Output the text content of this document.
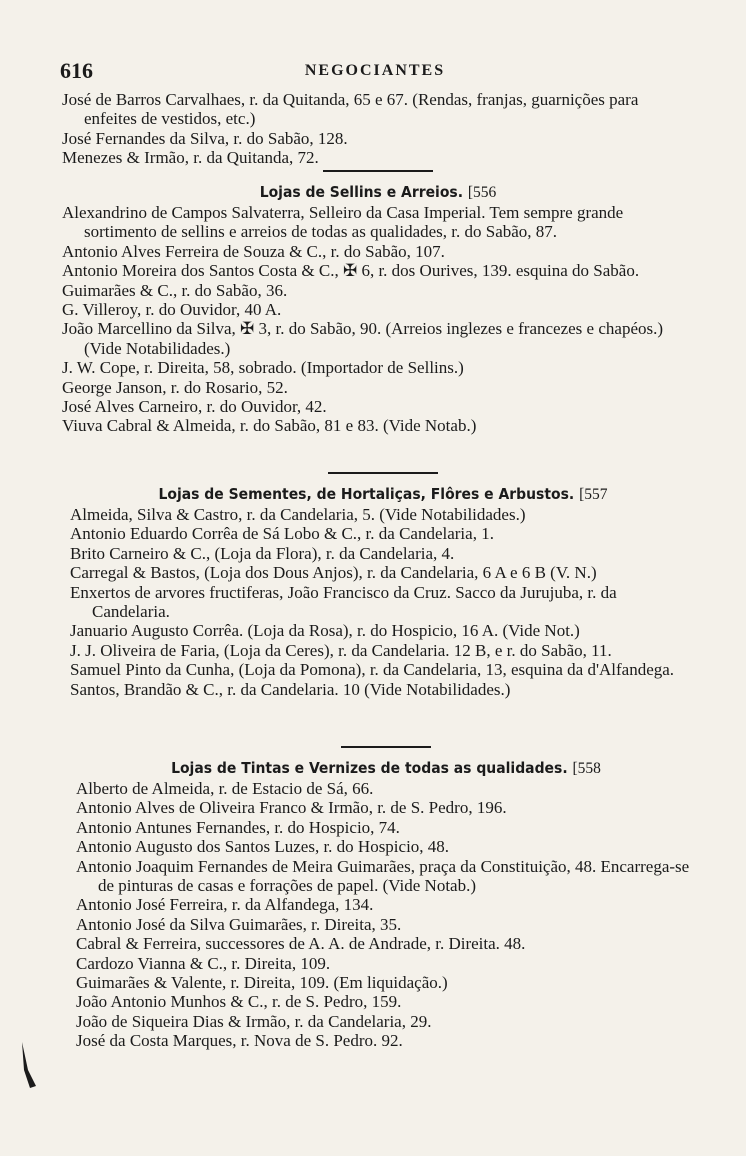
616	NEGOCIANTES

José de Barros Carvalhaes, r. da Quitanda, 65 e 67. (Rendas, franjas, guarnições para enfeites de vestidos, etc.)

José Fernandes da Silva, r. do Sabão, 128.

Menezes & Irmão, r. da Quitanda, 72.

Lojas de Sellins e Arreios. [556

Alexandrino de Campos Salvaterra, Selleiro da Casa Imperial. Tem sempre grande sortimento de sellins e arreios de todas as qualidades, r. do Sabão, 87.

Antonio Alves Ferreira de Souza & C., r. do Sabão, 107.

Antonio Moreira dos Santos Costa & C., ✠ 6, r. dos Ourives, 139. esquina do Sabão.

Guimarães & C., r. do Sabão, 36.

G. Villeroy, r. do Ouvidor, 40 A.

João Marcellino da Silva, ✠ 3, r. do Sabão, 90. (Arreios inglezes e francezes e chapéos.) (Vide Notabilidades.)

J. W. Cope, r. Direita, 58, sobrado. (Importador de Sellins.)

George Janson, r. do Rosario, 52.

José Alves Carneiro, r. do Ouvidor, 42.

Viuva Cabral & Almeida, r. do Sabão, 81 e 83. (Vide Notab.)

Lojas de Sementes, de Hortaliças, Flôres e Arbustos. [557

Almeida, Silva & Castro, r. da Candelaria, 5. (Vide Notabilidades.)

Antonio Eduardo Corrêa de Sá Lobo & C., r. da Candelaria, 1.

Brito Carneiro & C., (Loja da Flora), r. da Candelaria, 4.

Carregal & Bastos, (Loja dos Dous Anjos), r. da Candelaria, 6 A e 6 B (V. N.)

Enxertos de arvores fructiferas, João Francisco da Cruz. Sacco da Jurujuba, r. da Candelaria.

Januario Augusto Corrêa. (Loja da Rosa), r. do Hospicio, 16 A. (Vide Not.)

J. J. Oliveira de Faria, (Loja da Ceres), r. da Candelaria. 12 B, e r. do Sabão, 11.

Samuel Pinto da Cunha, (Loja da Pomona), r. da Candelaria, 13, esquina da d'Alfandega.

Santos, Brandão & C., r. da Candelaria. 10 (Vide Notabilidades.)

Lojas de Tintas e Vernizes de todas as qualidades. [558

Alberto de Almeida, r. de Estacio de Sá, 66.

Antonio Alves de Oliveira Franco & Irmão, r. de S. Pedro, 196.

Antonio Antunes Fernandes, r. do Hospicio, 74.

Antonio Augusto dos Santos Luzes, r. do Hospicio, 48.

Antonio Joaquim Fernandes de Meira Guimarães, praça da Constituição, 48. Encarrega-se de pinturas de casas e forrações de papel. (Vide Notab.)

Antonio José Ferreira, r. da Alfandega, 134.

Antonio José da Silva Guimarães, r. Direita, 35.

Cabral & Ferreira, successores de A. A. de Andrade, r. Direita. 48.

Cardozo Vianna & C., r. Direita, 109.

Guimarães & Valente, r. Direita, 109. (Em liquidação.)

João Antonio Munhos & C., r. de S. Pedro, 159.

João de Siqueira Dias & Irmão, r. da Candelaria, 29.

José da Costa Marques, r. Nova de S. Pedro. 92.
